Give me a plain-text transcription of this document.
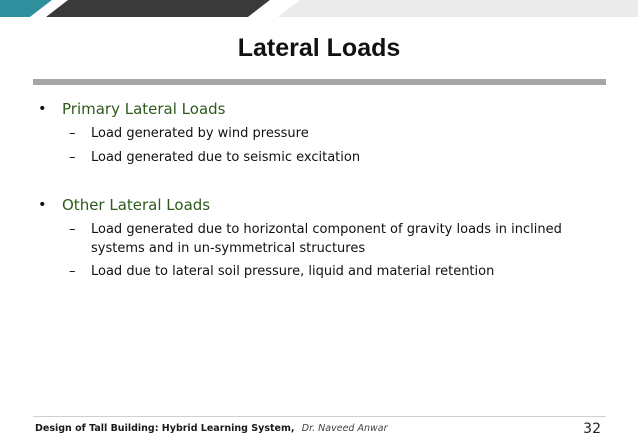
Lateral Loads
• Primary Lateral Loads
– Load generated by wind pressure
– Load generated due to seismic excitation
• Other Lateral Loads
– Load generated due to horizontal component of gravity loads in inclined
systems and in un-symmetrical structures
– Load due to lateral soil pressure, liquid and material retention
Design of Tall Building: Hybrid Learning System, Dr. Naveed Anwar	32
